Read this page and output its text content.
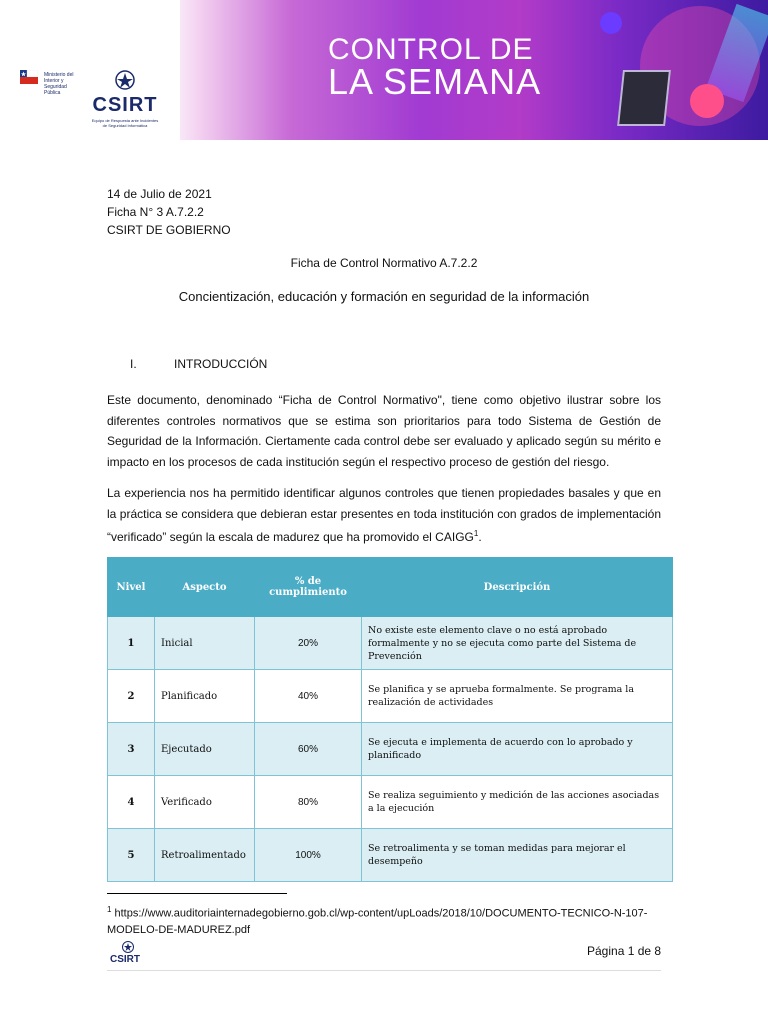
Ministerio del Interior y Seguridad Pública
CSIRT
Equipo de Respuesta ante Incidentes de Seguridad Informática
CONTROL DE
LA SEMANA
14 de Julio de 2021
Ficha N° 3 A.7.2.2
CSIRT DE GOBIERNO
Ficha de Control Normativo A.7.2.2
Concientización, educación y formación en seguridad de la información
I.	INTRODUCCIÓN
Este documento, denominado “Ficha de Control Normativo", tiene como objetivo ilustrar sobre los diferentes controles normativos que se estima son prioritarios para todo Sistema de Gestión de Seguridad de la Información. Ciertamente cada control debe ser evaluado y aplicado según su mérito e impacto en los procesos de cada institución según el respectivo proceso de gestión del riesgo.
La experiencia nos ha permitido identificar algunos controles que tienen propiedades basales y que en la práctica se considera que debieran estar presentes en toda institución con grados de implementación “verificado” según la escala de madurez que ha promovido el CAIGG$^1$.
Nivel	Aspecto	% de cumplimiento	Descripción
1	Inicial	20%	No existe este elemento clave o no está aprobado formalmente y no se ejecuta como parte del Sistema de Prevención
2	Planificado	40%	Se planifica y se aprueba formalmente. Se programa la realización de actividades
3	Ejecutado	60%	Se ejecuta e implementa de acuerdo con lo aprobado y planificado
4	Verificado	80%	Se realiza seguimiento y medición de las acciones asociadas a la ejecución
5	Retroalimentado	100%	Se retroalimenta y se toman medidas para mejorar el desempeño
$^1$ https://www.auditoriainternadegobierno.gob.cl/wp-content/upLoads/2018/10/DOCUMENTO-TECNICO-N-107-MODELO-DE-MADUREZ.pdf
CSIRT
Página 1 de 8
